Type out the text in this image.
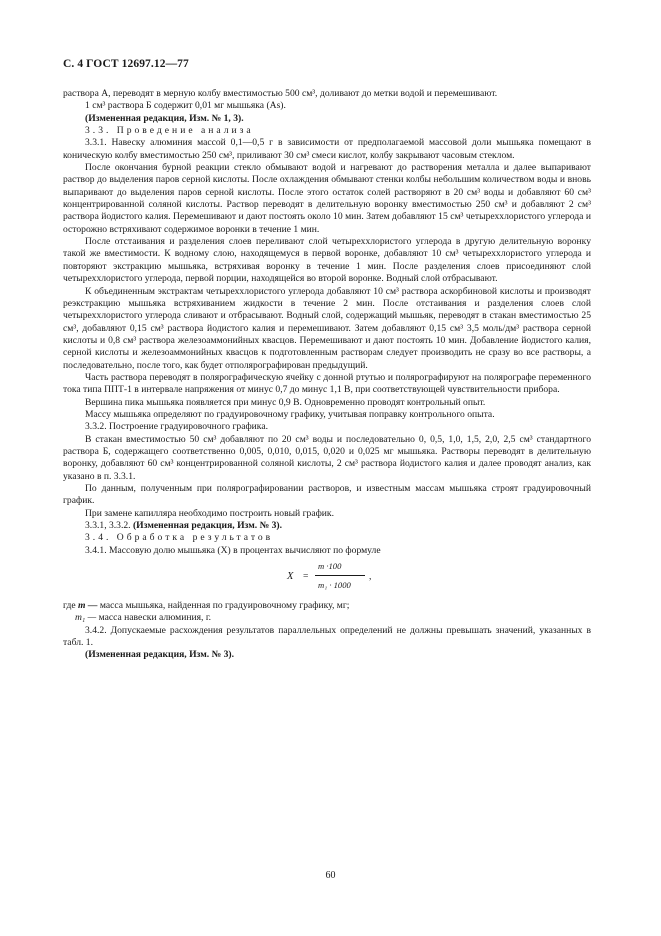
С. 4 ГОСТ 12697.12—77

раствора А, переводят в мерную колбу вместимостью 500 см³, доливают до метки водой и перемешивают.

1 см³ раствора Б содержит 0,01 мг мышьяка (As).

(Измененная редакция, Изм. № 1, 3).

3.3. Проведение анализа

3.3.1. Навеску алюминия массой 0,1—0,5 г в зависимости от предполагаемой массовой доли мышьяка помещают в коническую колбу вместимостью 250 см³, приливают 30 см³ смеси кислот, колбу закрывают часовым стеклом.

После окончания бурной реакции стекло обмывают водой и нагревают до растворения металла и далее выпаривают раствор до выделения паров серной кислоты. После охлаждения обмывают стенки колбы небольшим количеством воды и вновь выпаривают до выделения паров серной кислоты. После этого остаток солей растворяют в 20 см³ воды и добавляют 60 см³ концентрированной соляной кислоты. Раствор переводят в делительную воронку вместимостью 250 см³ и добавляют 2 см³ раствора йодистого калия. Перемешивают и дают постоять около 10 мин. Затем добавляют 15 см³ четыреххлористого углерода и осторожно встряхивают содержимое воронки в течение 1 мин.

После отстаивания и разделения слоев переливают слой четыреххлористого углерода в другую делительную воронку такой же вместимости. К водному слою, находящемуся в первой воронке, добавляют 10 см³ четыреххлористого углерода и повторяют экстракцию мышьяка, встряхивая воронку в течение 1 мин. После разделения слоев присоединяют слой четыреххлористого углерода, первой порции, находящейся во второй воронке. Водный слой отбрасывают.

К объединенным экстрактам четыреххлористого углерода добавляют 10 см³ раствора аскорбиновой кислоты и производят реэкстракцию мышьяка встряхиванием жидкости в течение 2 мин. После отстаивания и разделения слоев слой четыреххлористого углерода сливают и отбрасывают. Водный слой, содержащий мышьяк, переводят в стакан вместимостью 25 см³, добавляют 0,15 см³ раствора йодистого калия и перемешивают. Затем добавляют 0,15 см³ 3,5 моль/дм³ раствора серной кислоты и 0,8 см³ раствора железоаммонийных квасцов. Перемешивают и дают постоять 10 мин. Добавление йодистого калия, серной кислоты и железоаммонийных квасцов к подготовленным растворам следует производить не сразу во все растворы, а последовательно, после того, как будет отполярографирован предыдущий.

Часть раствора переводят в полярографическую ячейку с донной ртутью и полярографируют на полярографе переменного тока типа ППТ-1 в интервале напряжения от минус 0,7 до минус 1,1 В, при соответствующей чувствительности прибора.

Вершина пика мышьяка появляется при минус 0,9 В. Одновременно проводят контрольный опыт.

Массу мышьяка определяют по градуировочному графику, учитывая поправку контрольного опыта.

3.3.2. Построение градуировочного графика.

В стакан вместимостью 50 см³ добавляют по 20 см³ воды и последовательно 0, 0,5, 1,0, 1,5, 2,0, 2,5 см³ стандартного раствора Б, содержащего соответственно 0,005, 0,010, 0,015, 0,020 и 0,025 мг мышьяка. Растворы переводят в делительную воронку, добавляют 60 см³ концентрированной соляной кислоты, 2 см³ раствора йодистого калия и далее проводят анализ, как указано в п. 3.3.1.

По данным, полученным при полярографировании растворов, и известным массам мышьяка строят градуировочный график.

При замене капилляра необходимо построить новый график.

3.3.1, 3.3.2. (Измененная редакция, Изм. № 3).

3.4. Обработка результатов

3.4.1. Массовую долю мышьяка (X) в процентах вычисляют по формуле

X =
m ·100
m₁ · 1000
,

где m — масса мышьяка, найденная по градуировочному графику, мг;

m₁ — масса навески алюминия, г.

3.4.2. Допускаемые расхождения результатов параллельных определений не должны превышать значений, указанных в табл. 1.

(Измененная редакция, Изм. № 3).

60
